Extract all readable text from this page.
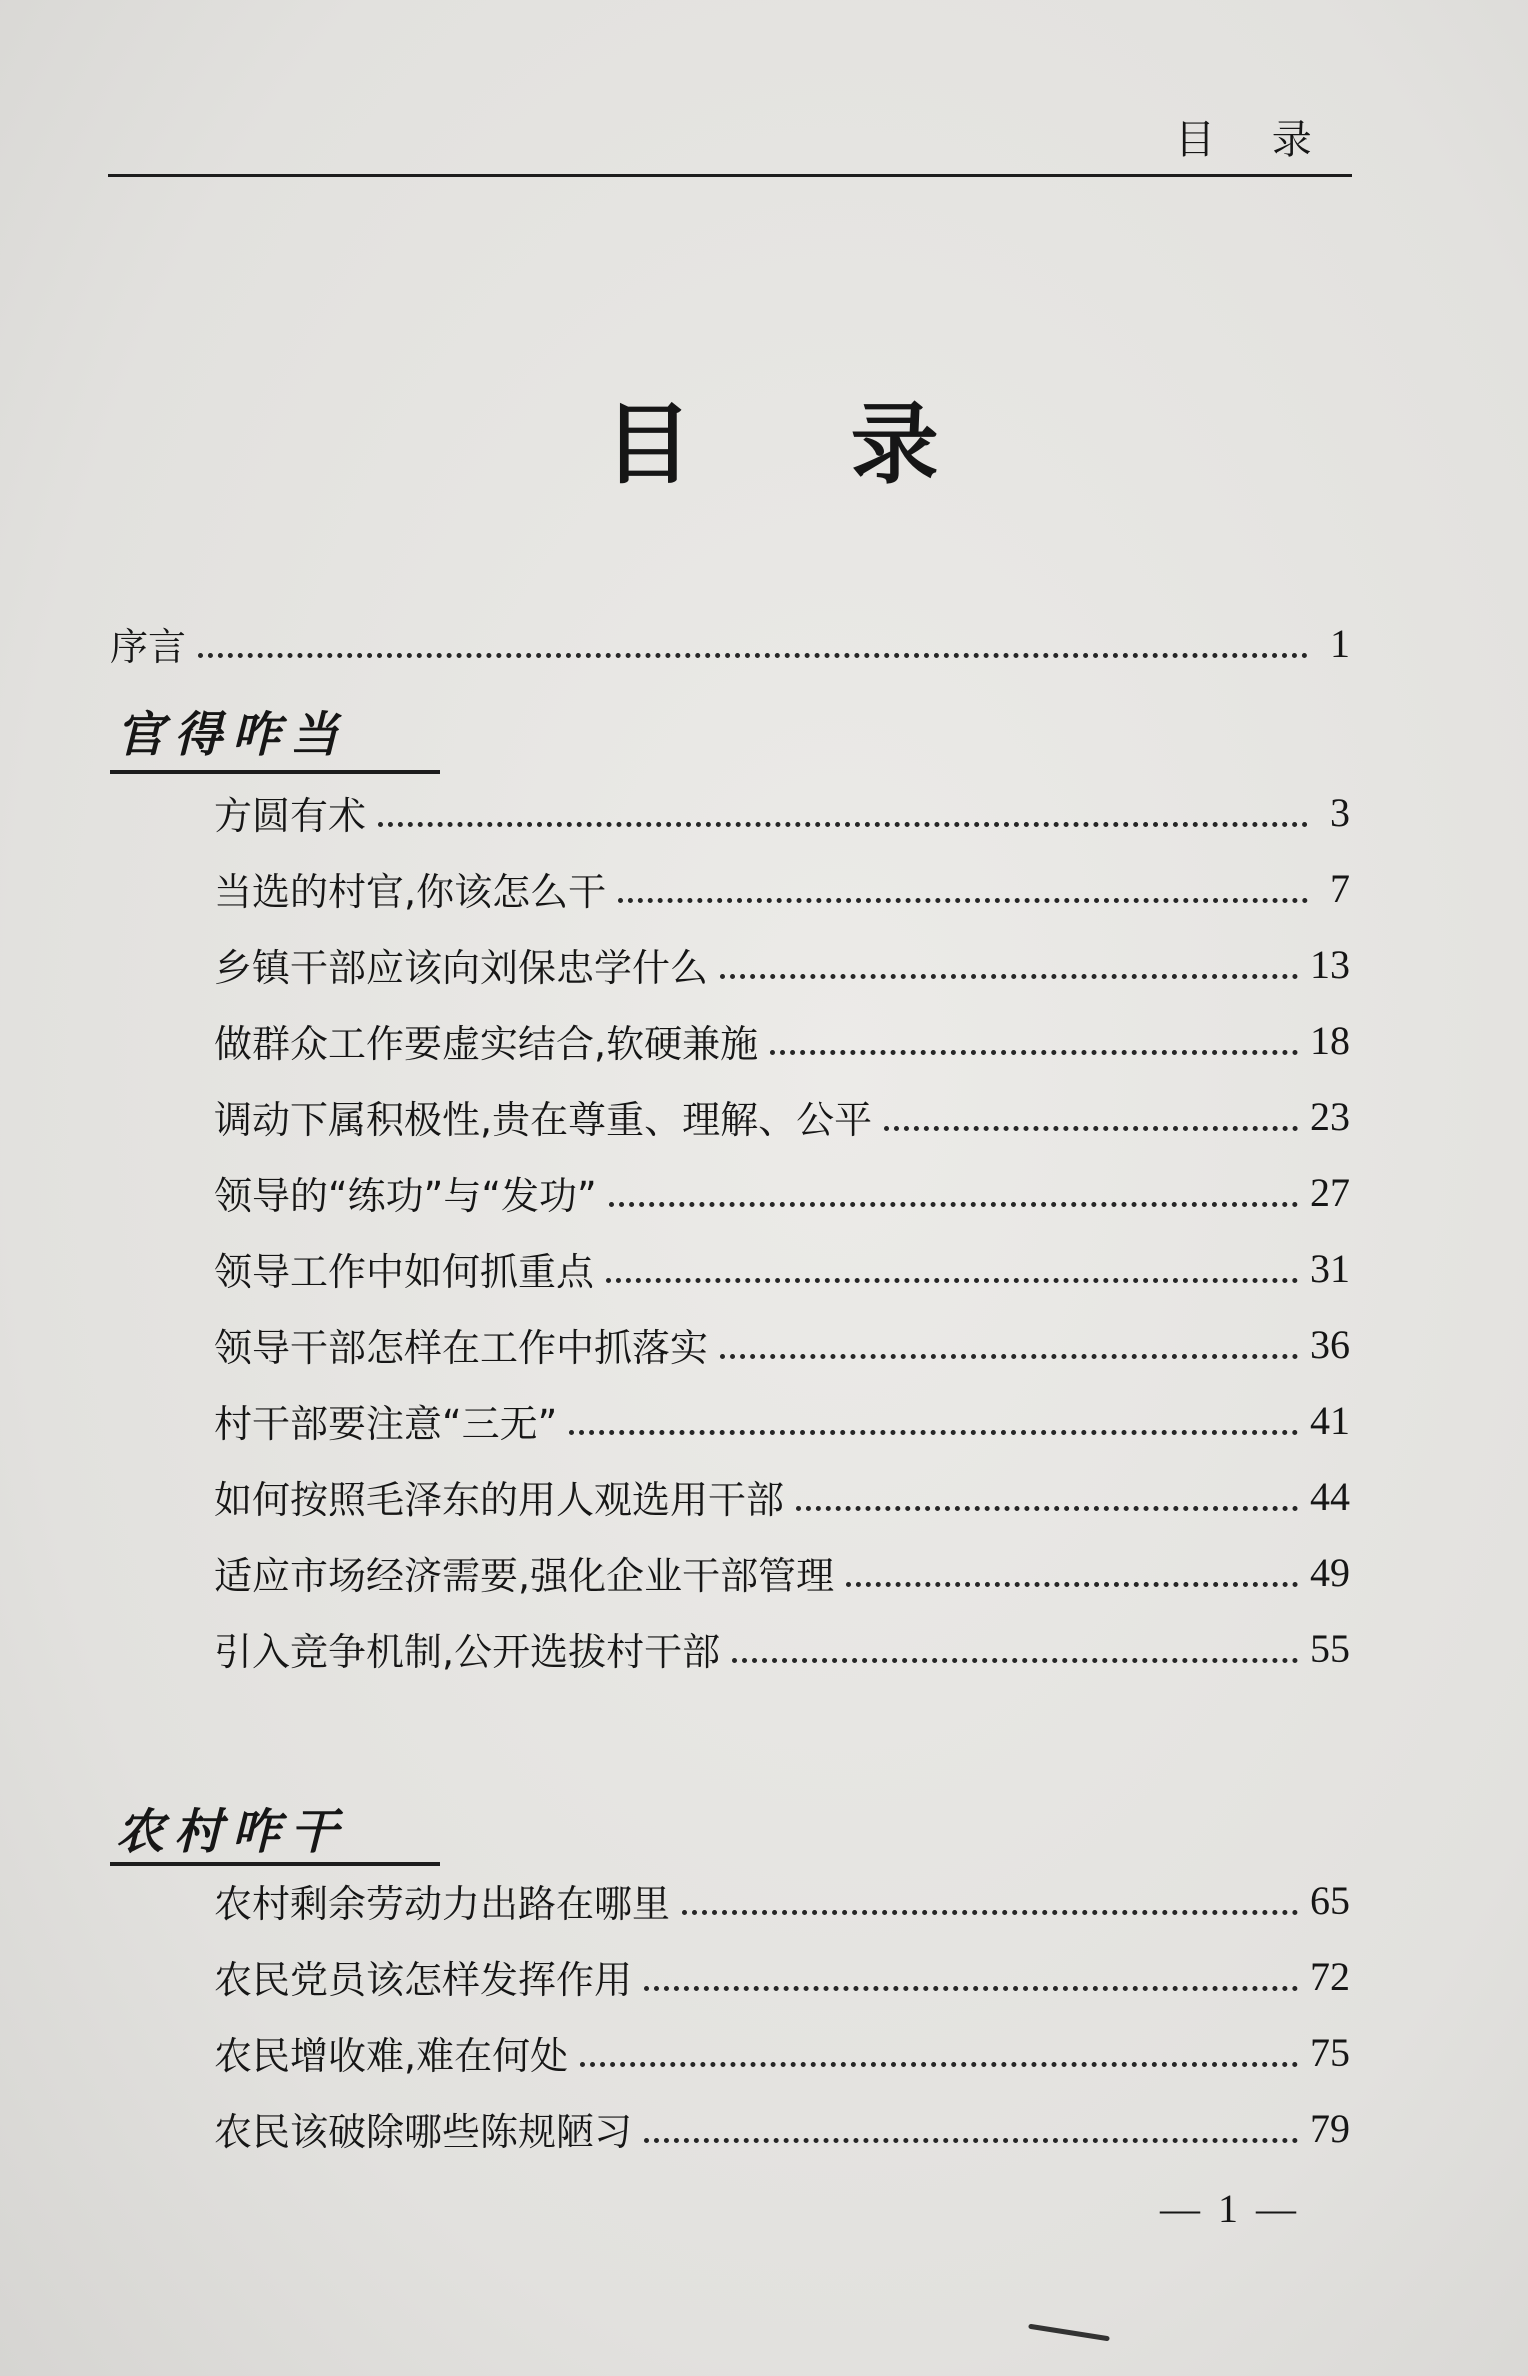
目 录
目 录
序言	1
官得咋当
方圆有术	3
当选的村官,你该怎么干	7
乡镇干部应该向刘保忠学什么	13
做群众工作要虚实结合,软硬兼施	18
调动下属积极性,贵在尊重、理解、公平	23
领导的“练功”与“发功”	27
领导工作中如何抓重点	31
领导干部怎样在工作中抓落实	36
村干部要注意“三无”	41
如何按照毛泽东的用人观选用干部	44
适应市场经济需要,强化企业干部管理	49
引入竞争机制,公开选拔村干部	55
农村咋干
农村剩余劳动力出路在哪里	65
农民党员该怎样发挥作用	72
农民增收难,难在何处	75
农民该破除哪些陈规陋习	79
— 1 —
